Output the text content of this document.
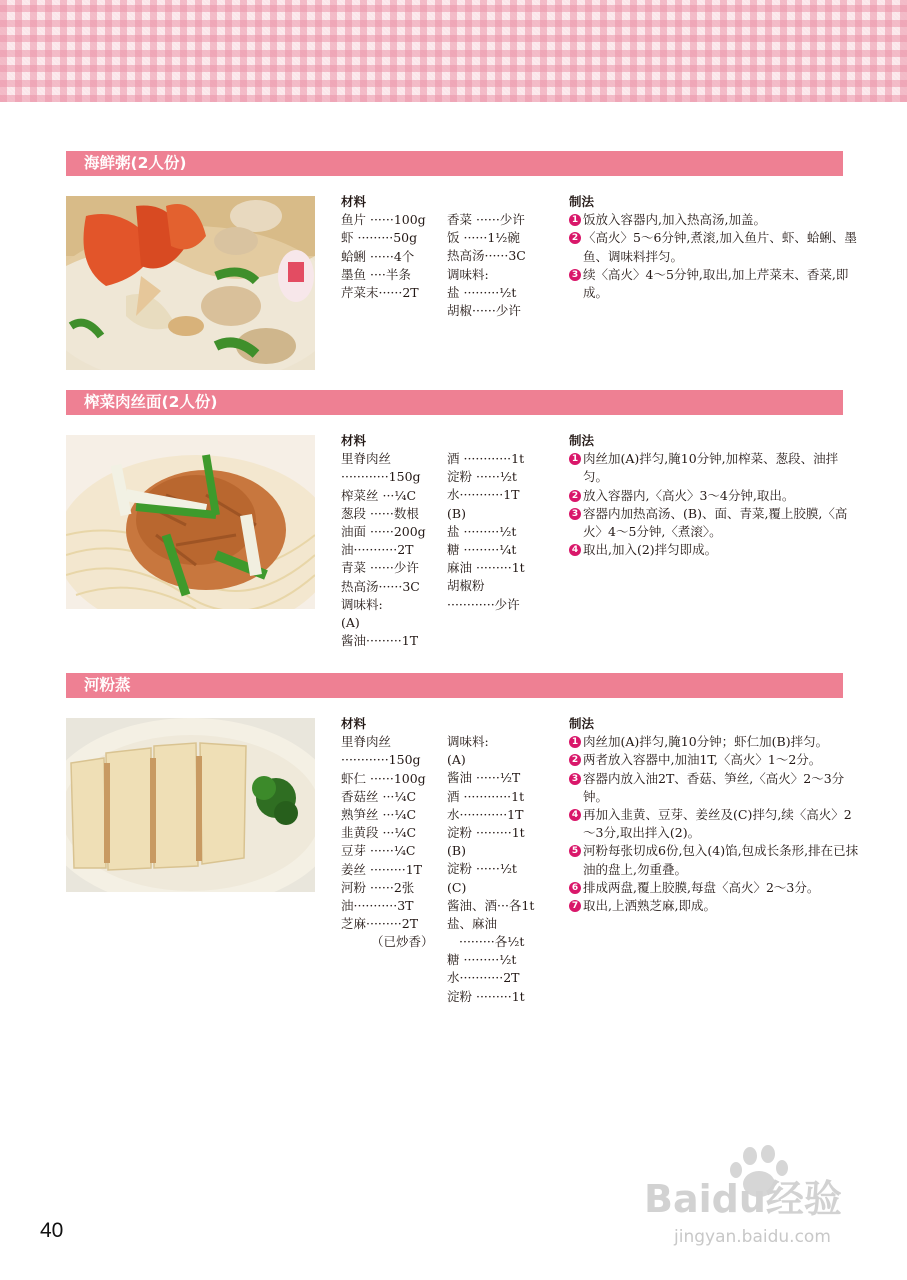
海鲜粥(2人份)
材料
鱼片 ······100g
虾 ·········50g
蛤蜊 ······4个
墨鱼 ····半条
芹菜末······2T
香菜 ······少许
饭 ······1½碗
热高汤······3C
调味料:
盐 ·········½t
胡椒······少许
制法
1 饭放入容器内,加入热高汤,加盖。
2 〈高火〉5～6分钟,煮滚,加入鱼片、虾、蛤蜊、墨鱼、调味料拌匀。
3 续〈高火〉4～5分钟,取出,加上芹菜末、香菜,即成。
榨菜肉丝面(2人份)
材料
里脊肉丝
············150g
榨菜丝 ···¼C
葱段 ······数根
油面 ······200g
油···········2T
青菜 ······少许
热高汤······3C
调味料:
(A)
酱油·········1T
酒 ············1t
淀粉 ······½t
水···········1T
(B)
盐 ·········½t
糖 ·········¼t
麻油 ·········1t
胡椒粉
············少许
制法
1 肉丝加(A)拌匀,腌10分钟,加榨菜、葱段、油拌匀。
2 放入容器内,〈高火〉3～4分钟,取出。
3 容器内加热高汤、(B)、面、青菜,覆上胶膜,〈高火〉4～5分钟,〈煮滚〉。
4 取出,加入(2)拌匀即成。
河粉蒸
材料
里脊肉丝
············150g
虾仁 ······100g
香菇丝 ···¼C
熟笋丝 ···¼C
韭黄段 ···¼C
豆芽 ······¼C
姜丝 ·········1T
河粉 ······2张
油···········3T
芝麻·········2T
（已炒香）
调味料:
(A)
酱油 ······½T
酒 ············1t
水············1T
淀粉 ·········1t
(B)
淀粉 ······½t
(C)
酱油、酒···各1t
盐、麻油
·········各½t
糖 ·········½t
水···········2T
淀粉 ·········1t
制法
1 肉丝加(A)拌匀,腌10分钟；虾仁加(B)拌匀。
2 两者放入容器中,加油1T,〈高火〉1～2分。
3 容器内放入油2T、香菇、笋丝,〈高火〉2～3分钟。
4 再加入韭黄、豆芽、姜丝及(C)拌匀,续〈高火〉2～3分,取出拌入(2)。
5 河粉每张切成6份,包入(4)馅,包成长条形,排在已抹油的盘上,勿重叠。
6 排成两盘,覆上胶膜,每盘〈高火〉2～3分。
7 取出,上洒熟芝麻,即成。
40
Baidu经验
jingyan.baidu.com
